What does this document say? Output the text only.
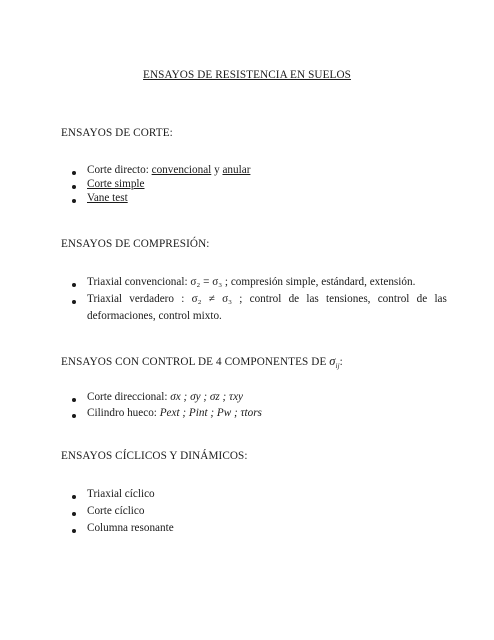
ENSAYOS DE RESISTENCIA EN SUELOS
ENSAYOS DE CORTE:
Corte directo: convencional y anular
Corte simple
Vane test
ENSAYOS DE COMPRESIÓN:
Triaxial convencional: σ₂ = σ₃ ; compresión simple, estándard, extensión.
Triaxial verdadero : σ₂ ≠ σ₃ ; control de las tensiones, control de las
deformaciones, control mixto.
ENSAYOS CON CONTROL DE 4 COMPONENTES DE $\sigma_{ij}$:
Corte direccional: σx ; σy ; σz ; τxy
Cilindro hueco: Pext ; Pint ; Pw ; τtors
ENSAYOS CÍCLICOS Y DINÁMICOS:
Triaxial cíclico
Corte cíclico
Columna resonante
